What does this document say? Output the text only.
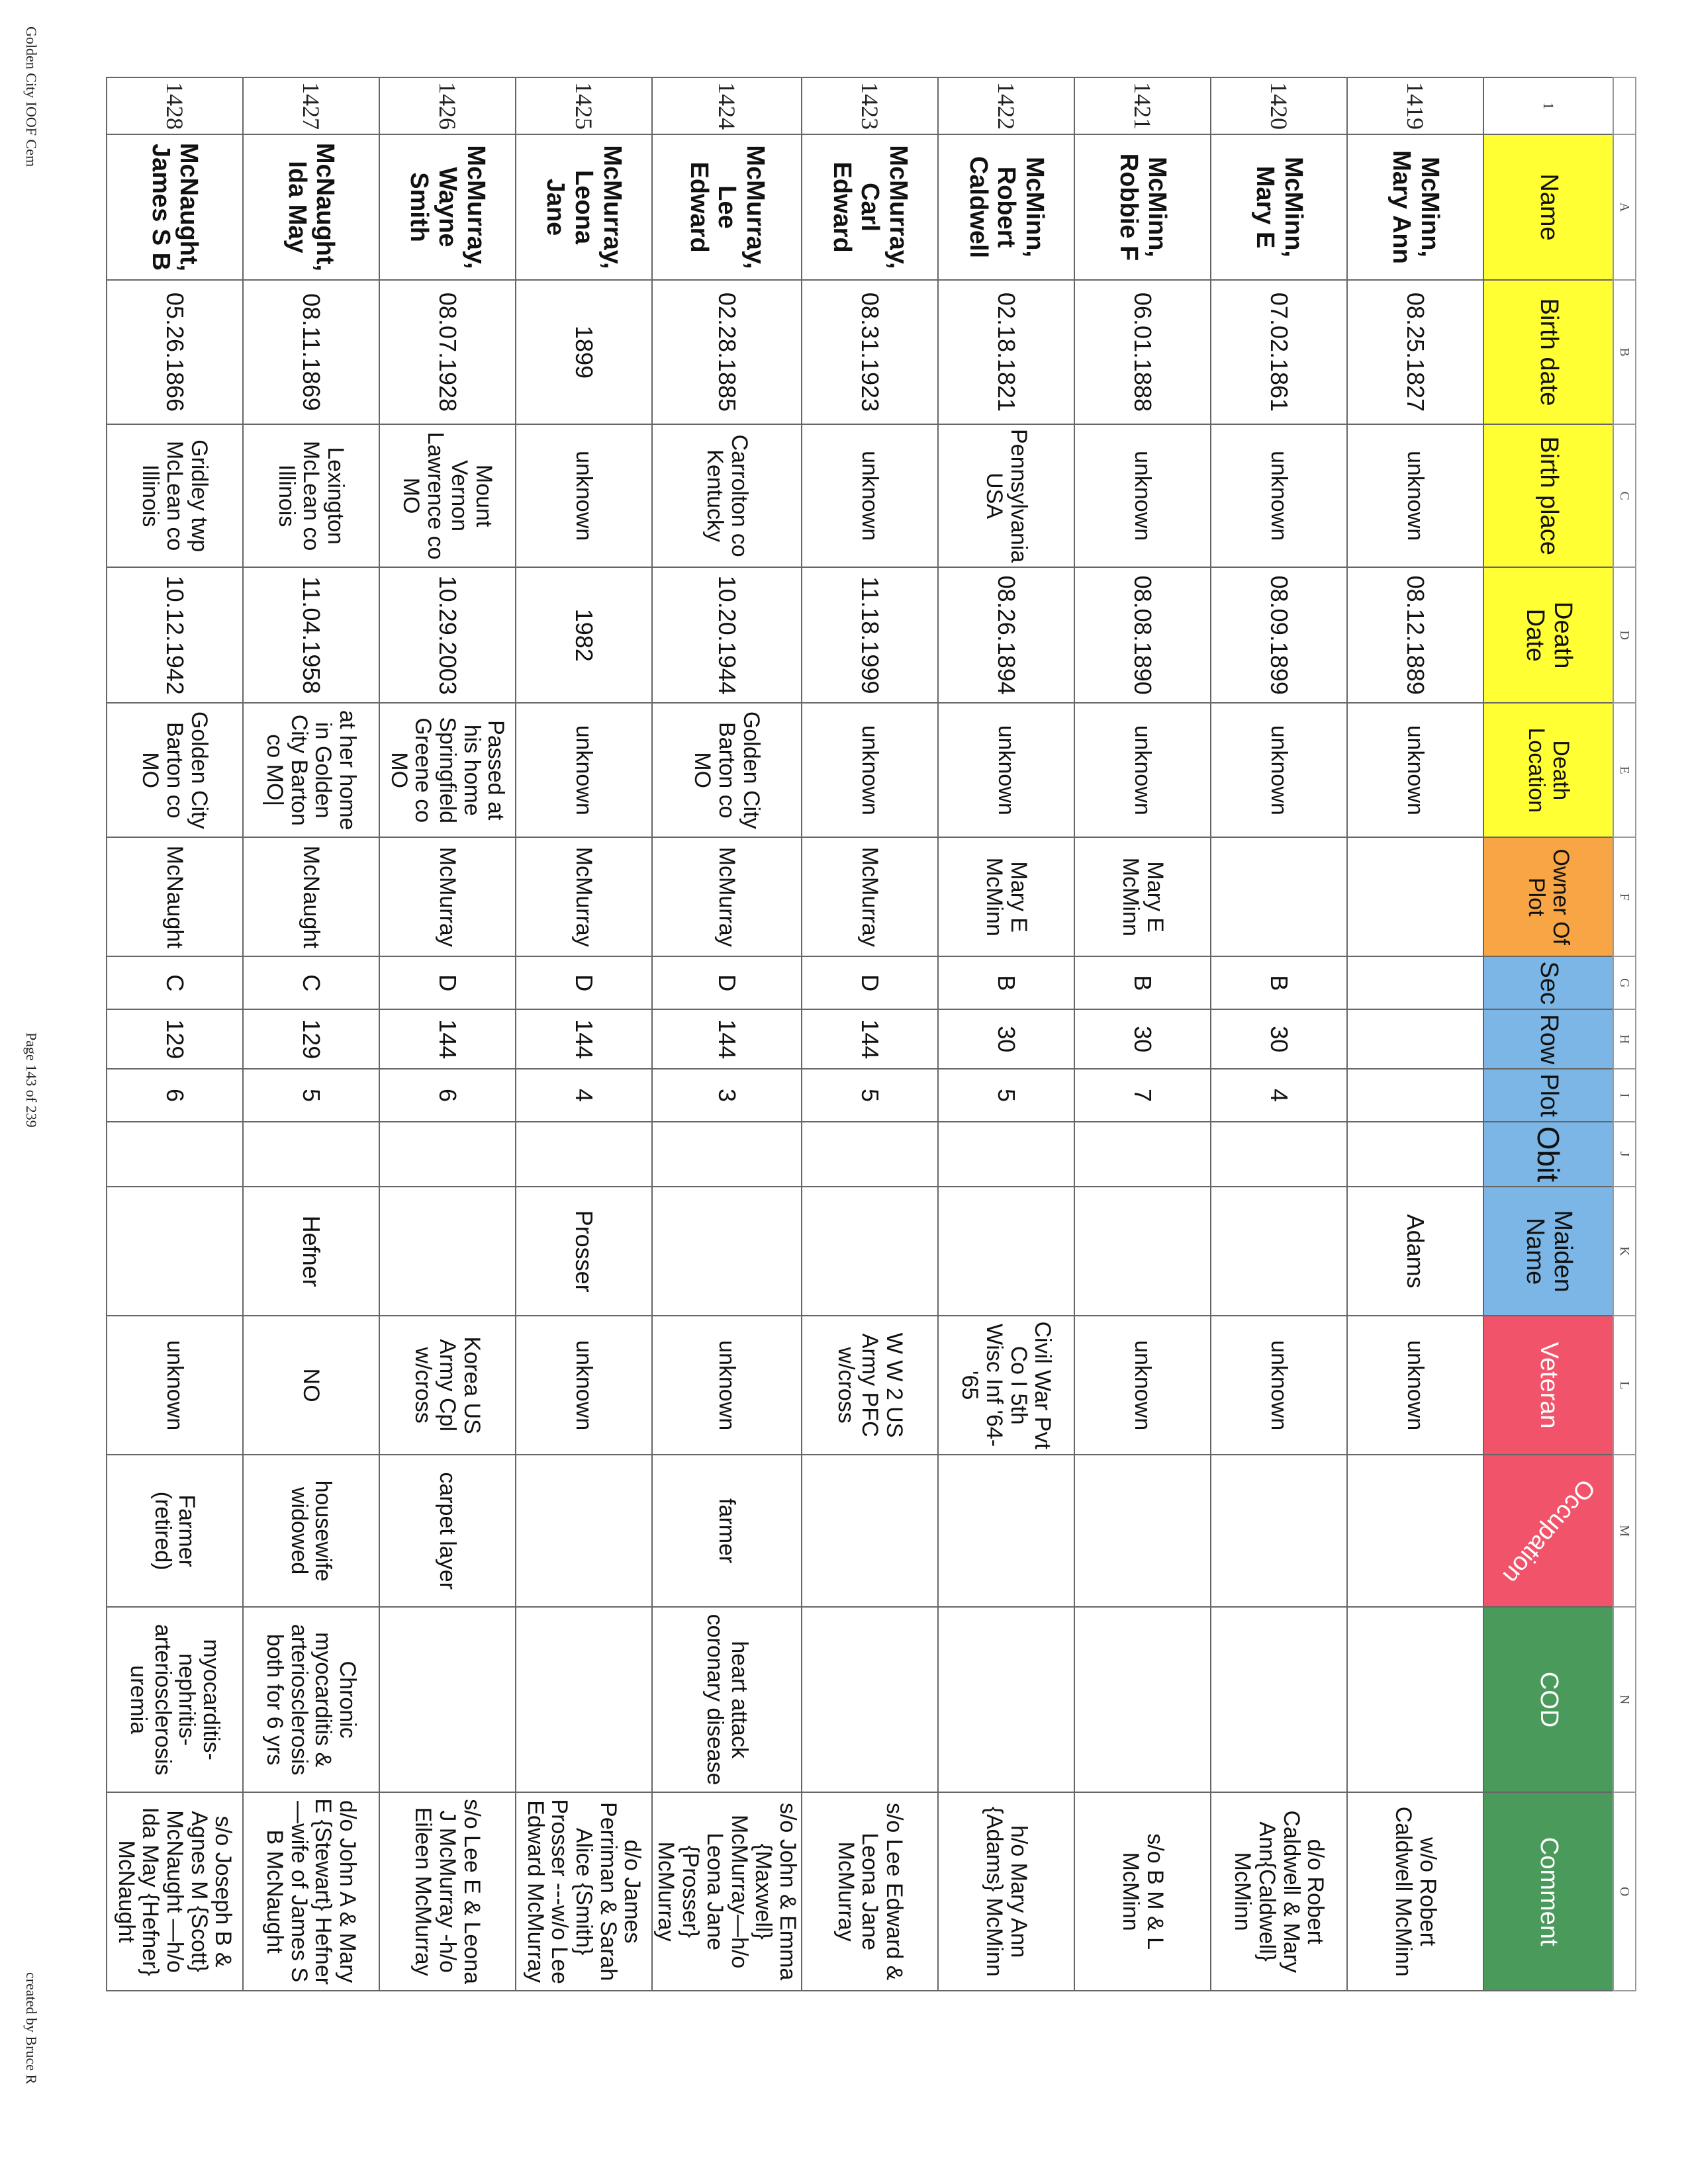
	A	B	C	D	E	F	G	H	I	J	K	L	M	N	O
1	Name	Birth date	Birth place	Death Date	Death Location	Owner Of Plot	Sec	Row	Plot	Obit	Maiden Name	Veteran	Occupation	COD	Comment
1419	McMinn, Mary Ann	08.25.1827	unknown	08.12.1889	unknown						Adams	unknown			w/o Robert Caldwell McMinn
1420	McMinn, Mary E	07.02.1861	unknown	08.09.1899	unknown		B	30	4			unknown			d/o Robert Caldwell & Mary Ann{Caldwell} McMinn
1421	McMinn, Robbie F	06.01.1888	unknown	08.08.1890	unknown	Mary E McMinn	B	30	7			unknown			s/o B M & L McMinn
1422	McMinn, Robert Caldwell	02.18.1821	Pennsylvania USA	08.26.1894	unknown	Mary E McMinn	B	30	5			Civil War Pvt Co I 5th Wisc Inf '64-'65			h/o Mary Ann {Adams} McMinn
1423	McMurray, Carl Edward	08.31.1923	unknown	11.18.1999	unknown	McMurray	D	144	5			W W 2 US Army PFC w/cross			s/o Lee Edward & Leona Jane McMurray
1424	McMurray, Lee Edward	02.28.1885	Carrolton co Kentucky	10.20.1944	Golden City Barton co MO	McMurray	D	144	3			unknown	farmer	heart attack coronary disease	s/o John & Emma {Maxwell} McMurray—h/o Leona Jane {Prosser} McMurray
1425	McMurray, Leona Jane	1899	unknown	1982	unknown	McMurray	D	144	4		Prosser	unknown			d/o James Perriman & Sarah Alice {Smith} Prosser ---w/o Lee Edward McMurray
1426	McMurray, Wayne Smith	08.07.1928	Mount Vernon Lawrence co MO	10.29.2003	Passed at his home Springfield Greene co MO	McMurray	D	144	6			Korea US Army Cpl w/cross	carpet layer		s/o Lee E & Leona J McMurray -h/o Eileen McMurray
1427	McNaught, Ida May	08.11.1869	Lexington McLean co Illinois	11.04.1958	at her home in Golden City Barton co MO|	McNaught	C	129	5		Hefner	NO	housewife widowed	Chronic myocarditis & arteriosclerosis both for 6 yrs	d/o John A & Mary E {Stewart} Hefner —wife of James S B McNaught
1428	McNaught, James S B	05.26.1866	Gridley twp McLean co Illinois	10.12.1942	Golden City Barton co MO	McNaught	C	129	6			unknown	Farmer (retired)	myocarditis- nephritis- arteriosclerosis uremia	s/o Joseph B & Agnes M {Scott} McNaught —h/o Ida May {Hefner} McNaught
Golden City IOOF Cem
Page 143 of 239
created by Bruce R
